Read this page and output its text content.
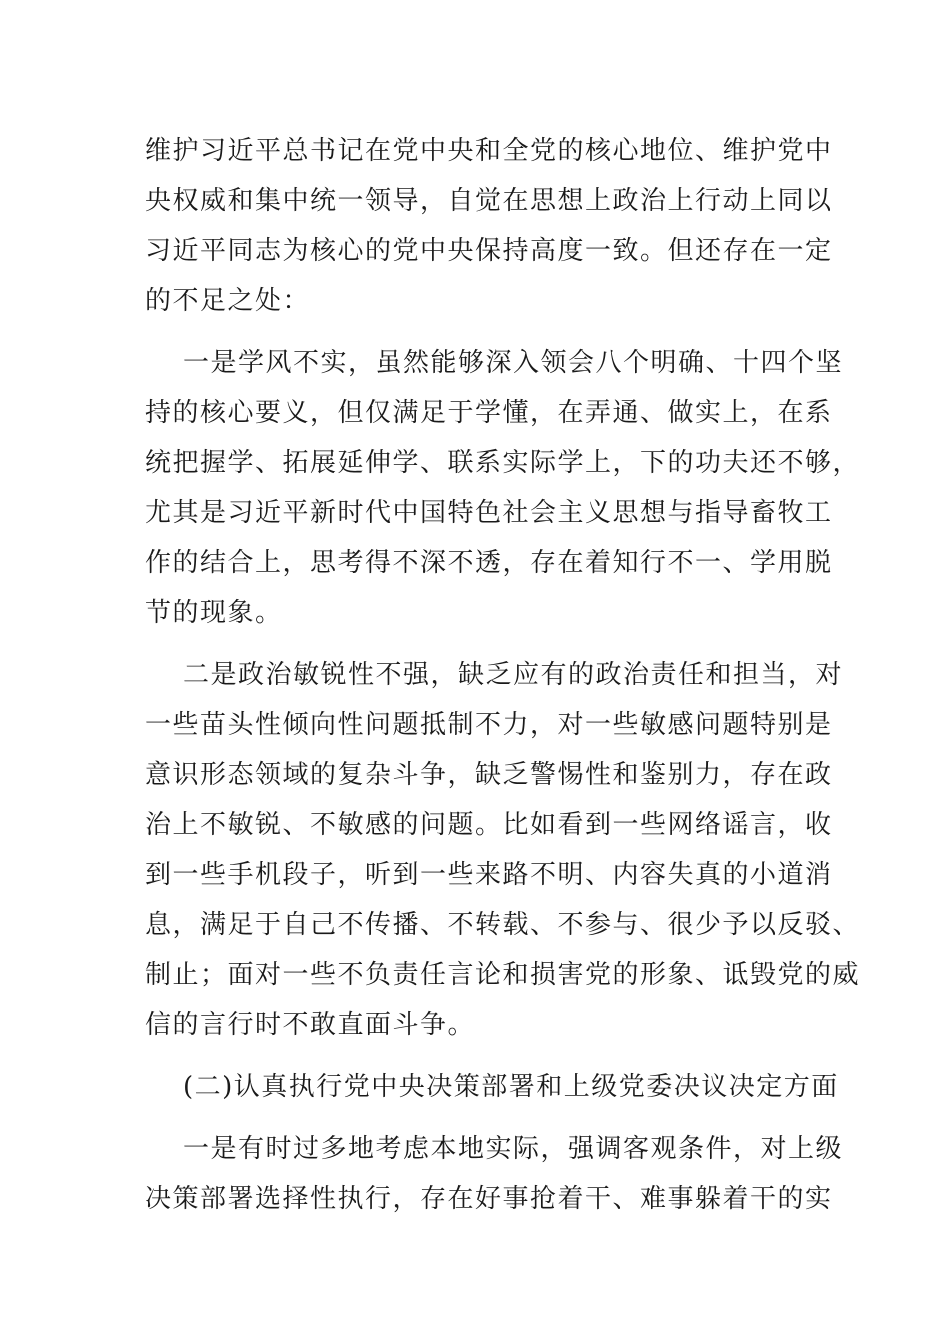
维护习近平总书记在党中央和全党的核心地位、维护党中
央权威和集中统一领导，自觉在思想上政治上行动上同以
习近平同志为核心的党中央保持高度一致。但还存在一定
的不足之处：
一是学风不实，虽然能够深入领会八个明确、十四个坚
持的核心要义，但仅满足于学懂，在弄通、做实上，在系
统把握学、拓展延伸学、联系实际学上，下的功夫还不够，
尤其是习近平新时代中国特色社会主义思想与指导畜牧工
作的结合上，思考得不深不透，存在着知行不一、学用脱
节的现象。
二是政治敏锐性不强，缺乏应有的政治责任和担当，对
一些苗头性倾向性问题抵制不力，对一些敏感问题特别是
意识形态领域的复杂斗争，缺乏警惕性和鉴别力，存在政
治上不敏锐、不敏感的问题。比如看到一些网络谣言，收
到一些手机段子，听到一些来路不明、内容失真的小道消
息，满足于自己不传播、不转载、不参与、很少予以反驳、
制止；面对一些不负责任言论和损害党的形象、诋毁党的威
信的言行时不敢直面斗争。
(二)认真执行党中央决策部署和上级党委决议决定方面
一是有时过多地考虑本地实际，强调客观条件，对上级
决策部署选择性执行，存在好事抢着干、难事躲着干的实
